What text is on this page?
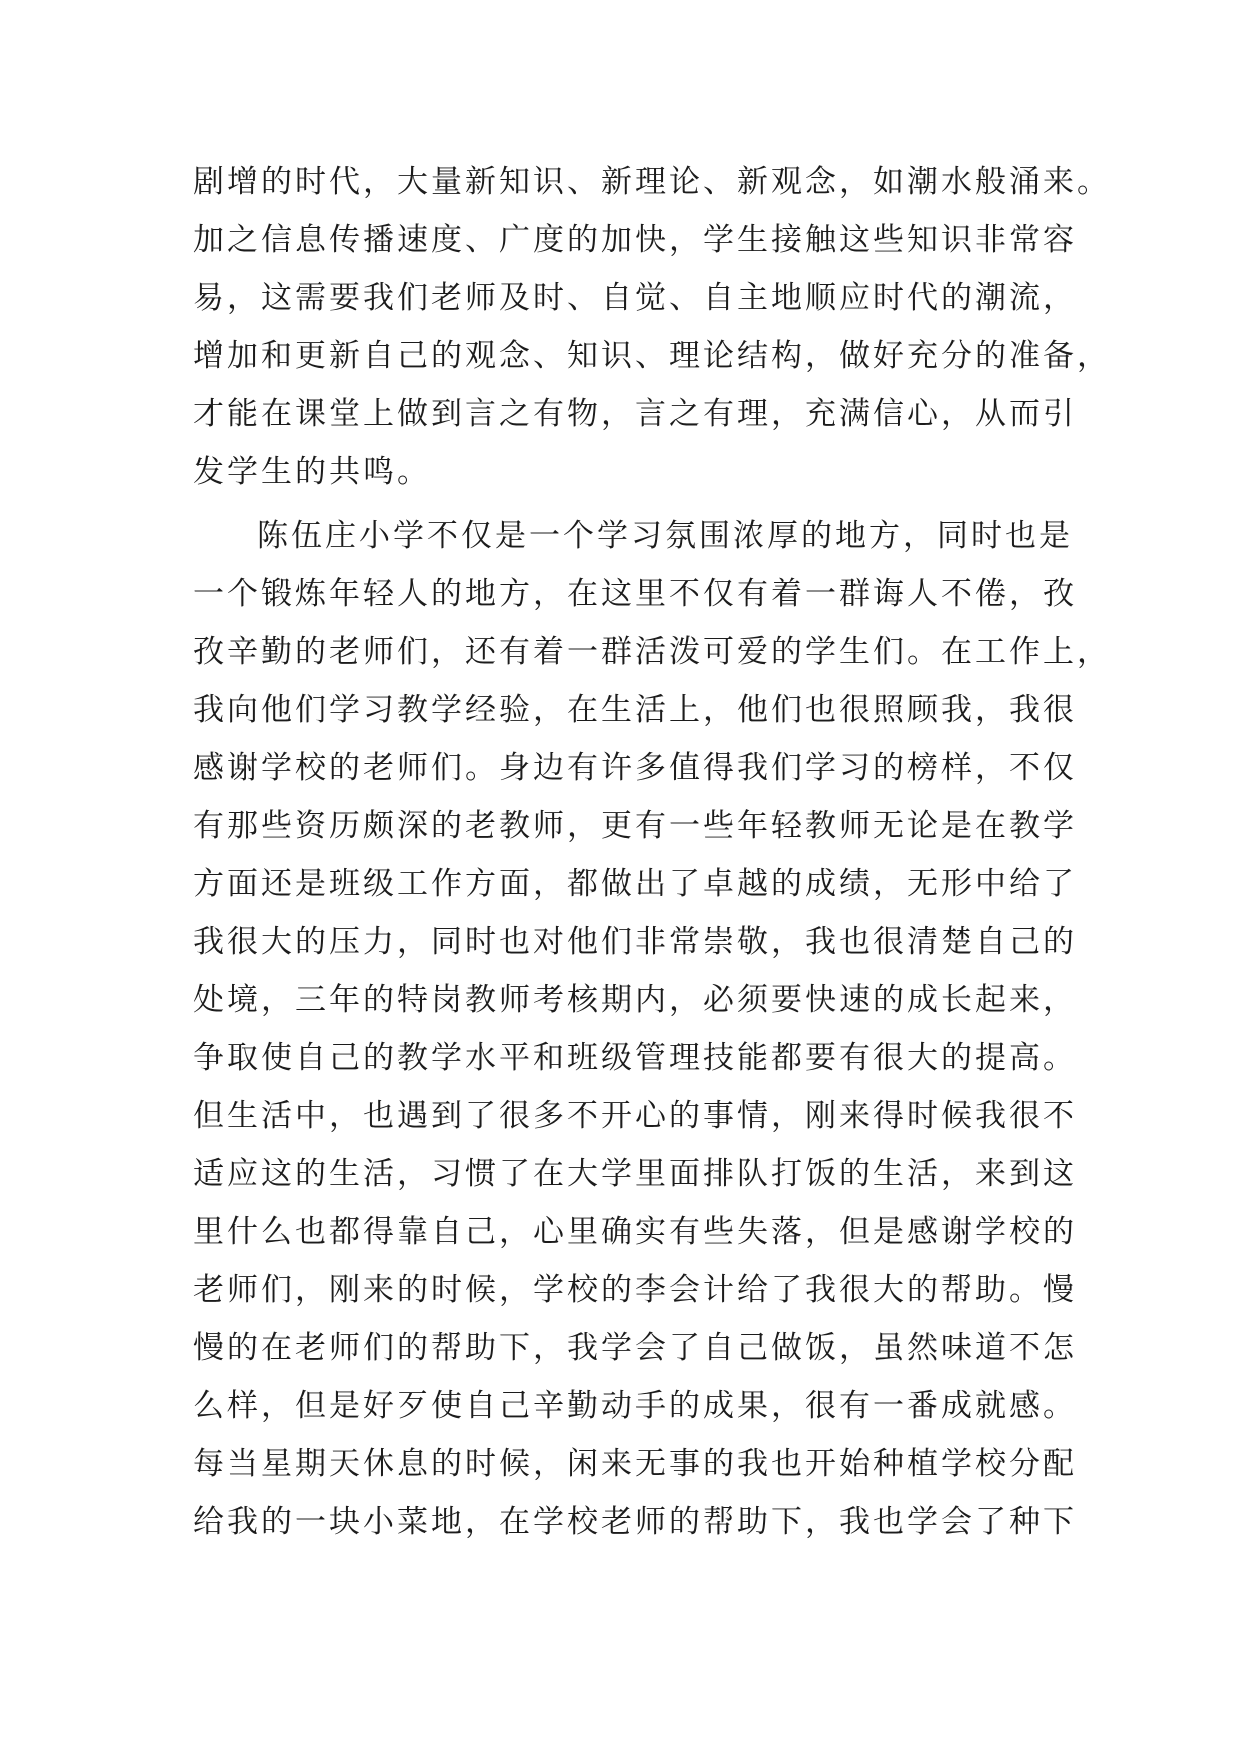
剧增的时代，大量新知识、新理论、新观念，如潮水般涌来。
加之信息传播速度、广度的加快，学生接触这些知识非常容
易，这需要我们老师及时、自觉、自主地顺应时代的潮流，
增加和更新自己的观念、知识、理论结构，做好充分的准备，
才能在课堂上做到言之有物，言之有理，充满信心，从而引
发学生的共鸣。
陈伍庄小学不仅是一个学习氛围浓厚的地方，同时也是
一个锻炼年轻人的地方，在这里不仅有着一群诲人不倦，孜
孜辛勤的老师们，还有着一群活泼可爱的学生们。在工作上，
我向他们学习教学经验，在生活上，他们也很照顾我，我很
感谢学校的老师们。身边有许多值得我们学习的榜样，不仅
有那些资历颇深的老教师，更有一些年轻教师无论是在教学
方面还是班级工作方面，都做出了卓越的成绩，无形中给了
我很大的压力，同时也对他们非常崇敬，我也很清楚自己的
处境，三年的特岗教师考核期内，必须要快速的成长起来，
争取使自己的教学水平和班级管理技能都要有很大的提高。
但生活中，也遇到了很多不开心的事情，刚来得时候我很不
适应这的生活，习惯了在大学里面排队打饭的生活，来到这
里什么也都得靠自己，心里确实有些失落，但是感谢学校的
老师们，刚来的时候，学校的李会计给了我很大的帮助。慢
慢的在老师们的帮助下，我学会了自己做饭，虽然味道不怎
么样，但是好歹使自己辛勤动手的成果，很有一番成就感。
每当星期天休息的时候，闲来无事的我也开始种植学校分配
给我的一块小菜地，在学校老师的帮助下，我也学会了种下
